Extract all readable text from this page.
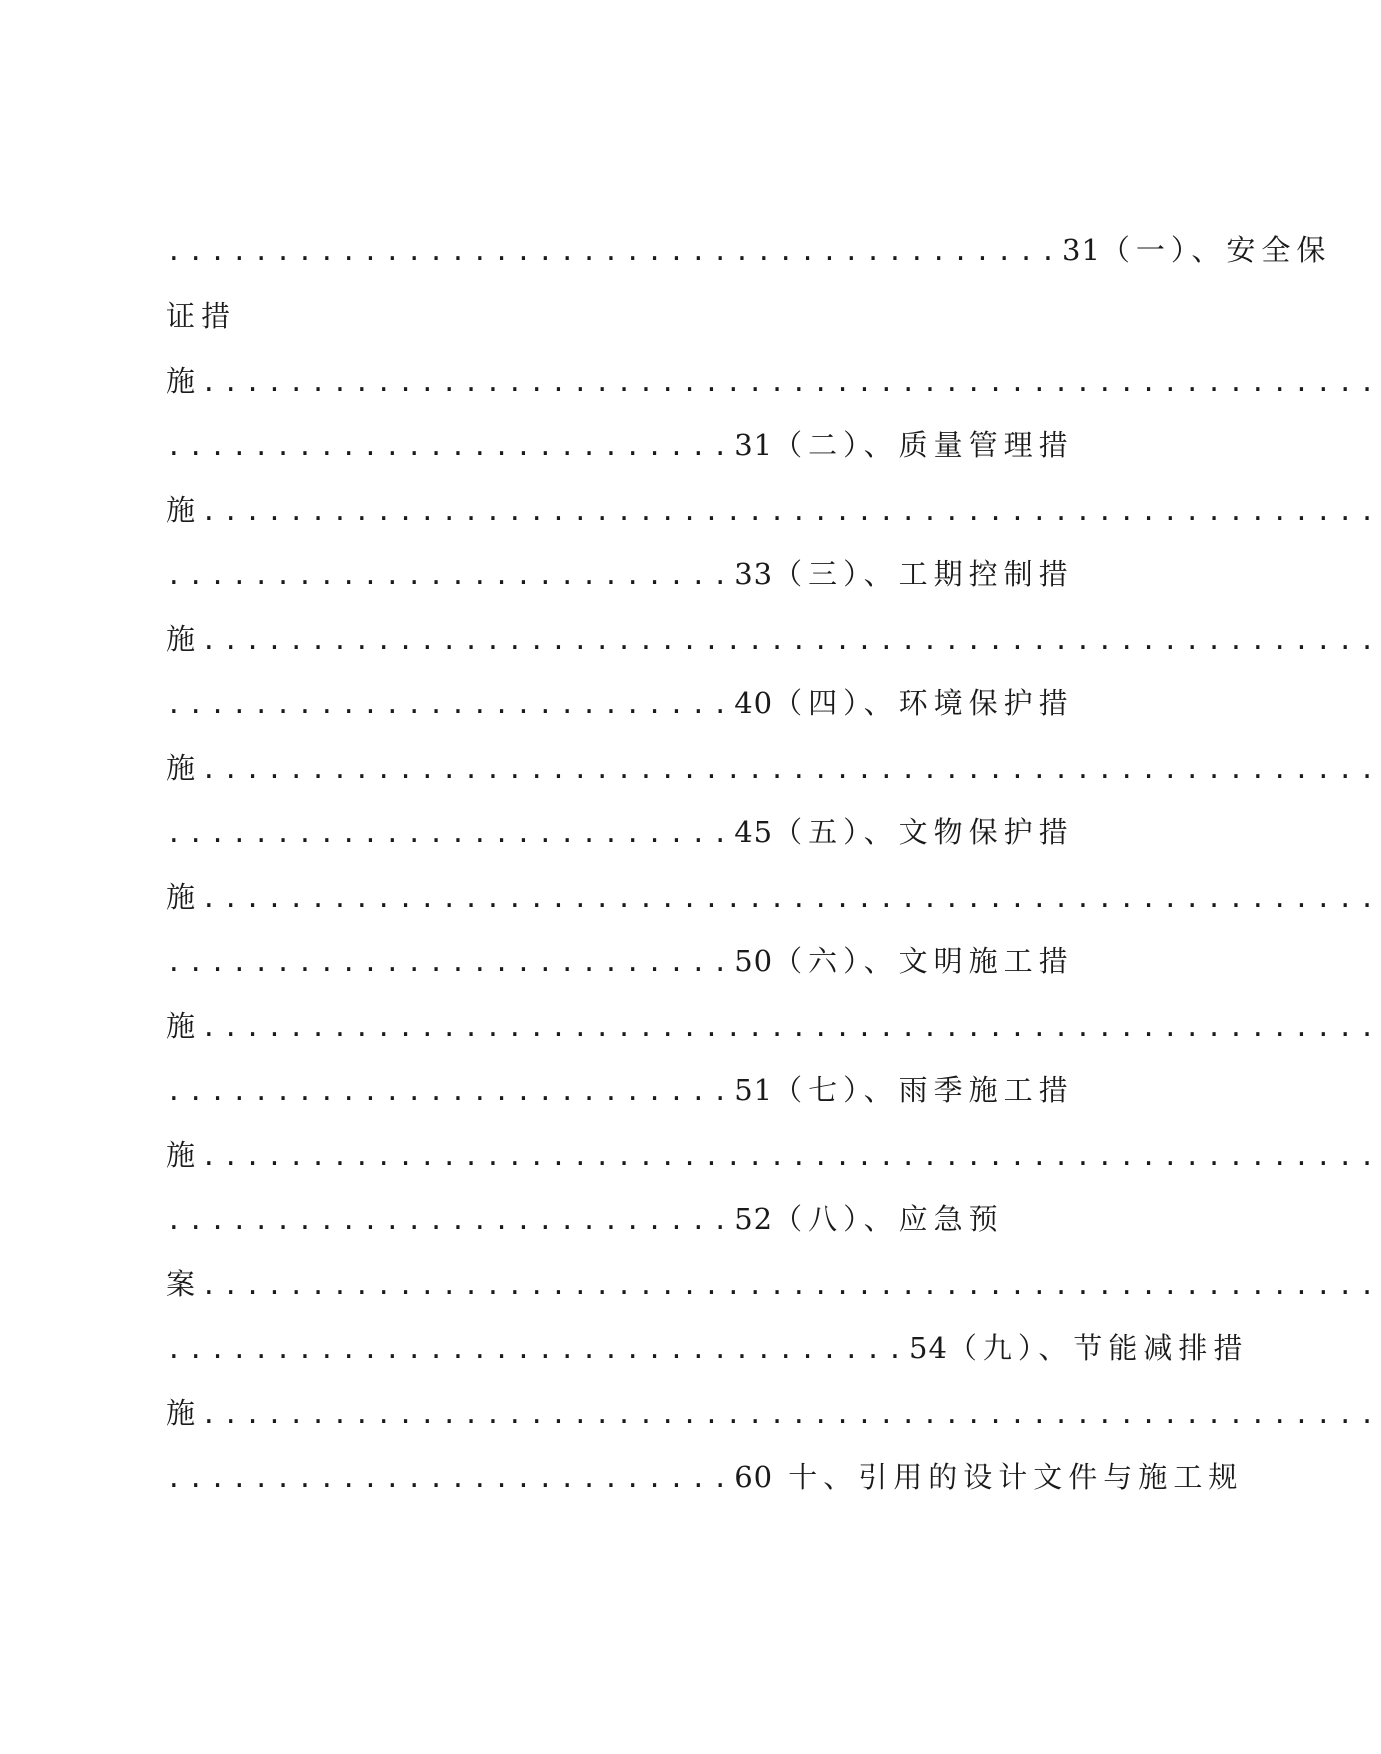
.........................................31（一）、安全保
证措
施......................................................
..........................31（二）、质量管理措
施......................................................
..........................33（三）、工期控制措
施......................................................
..........................40（四）、环境保护措
施......................................................
..........................45（五）、文物保护措
施......................................................
..........................50（六）、文明施工措
施......................................................
..........................51（七）、雨季施工措
施......................................................
..........................52（八）、应急预
案......................................................
..................................54（九）、节能减排措
施......................................................
..........................60 十、引用的设计文件与施工规
